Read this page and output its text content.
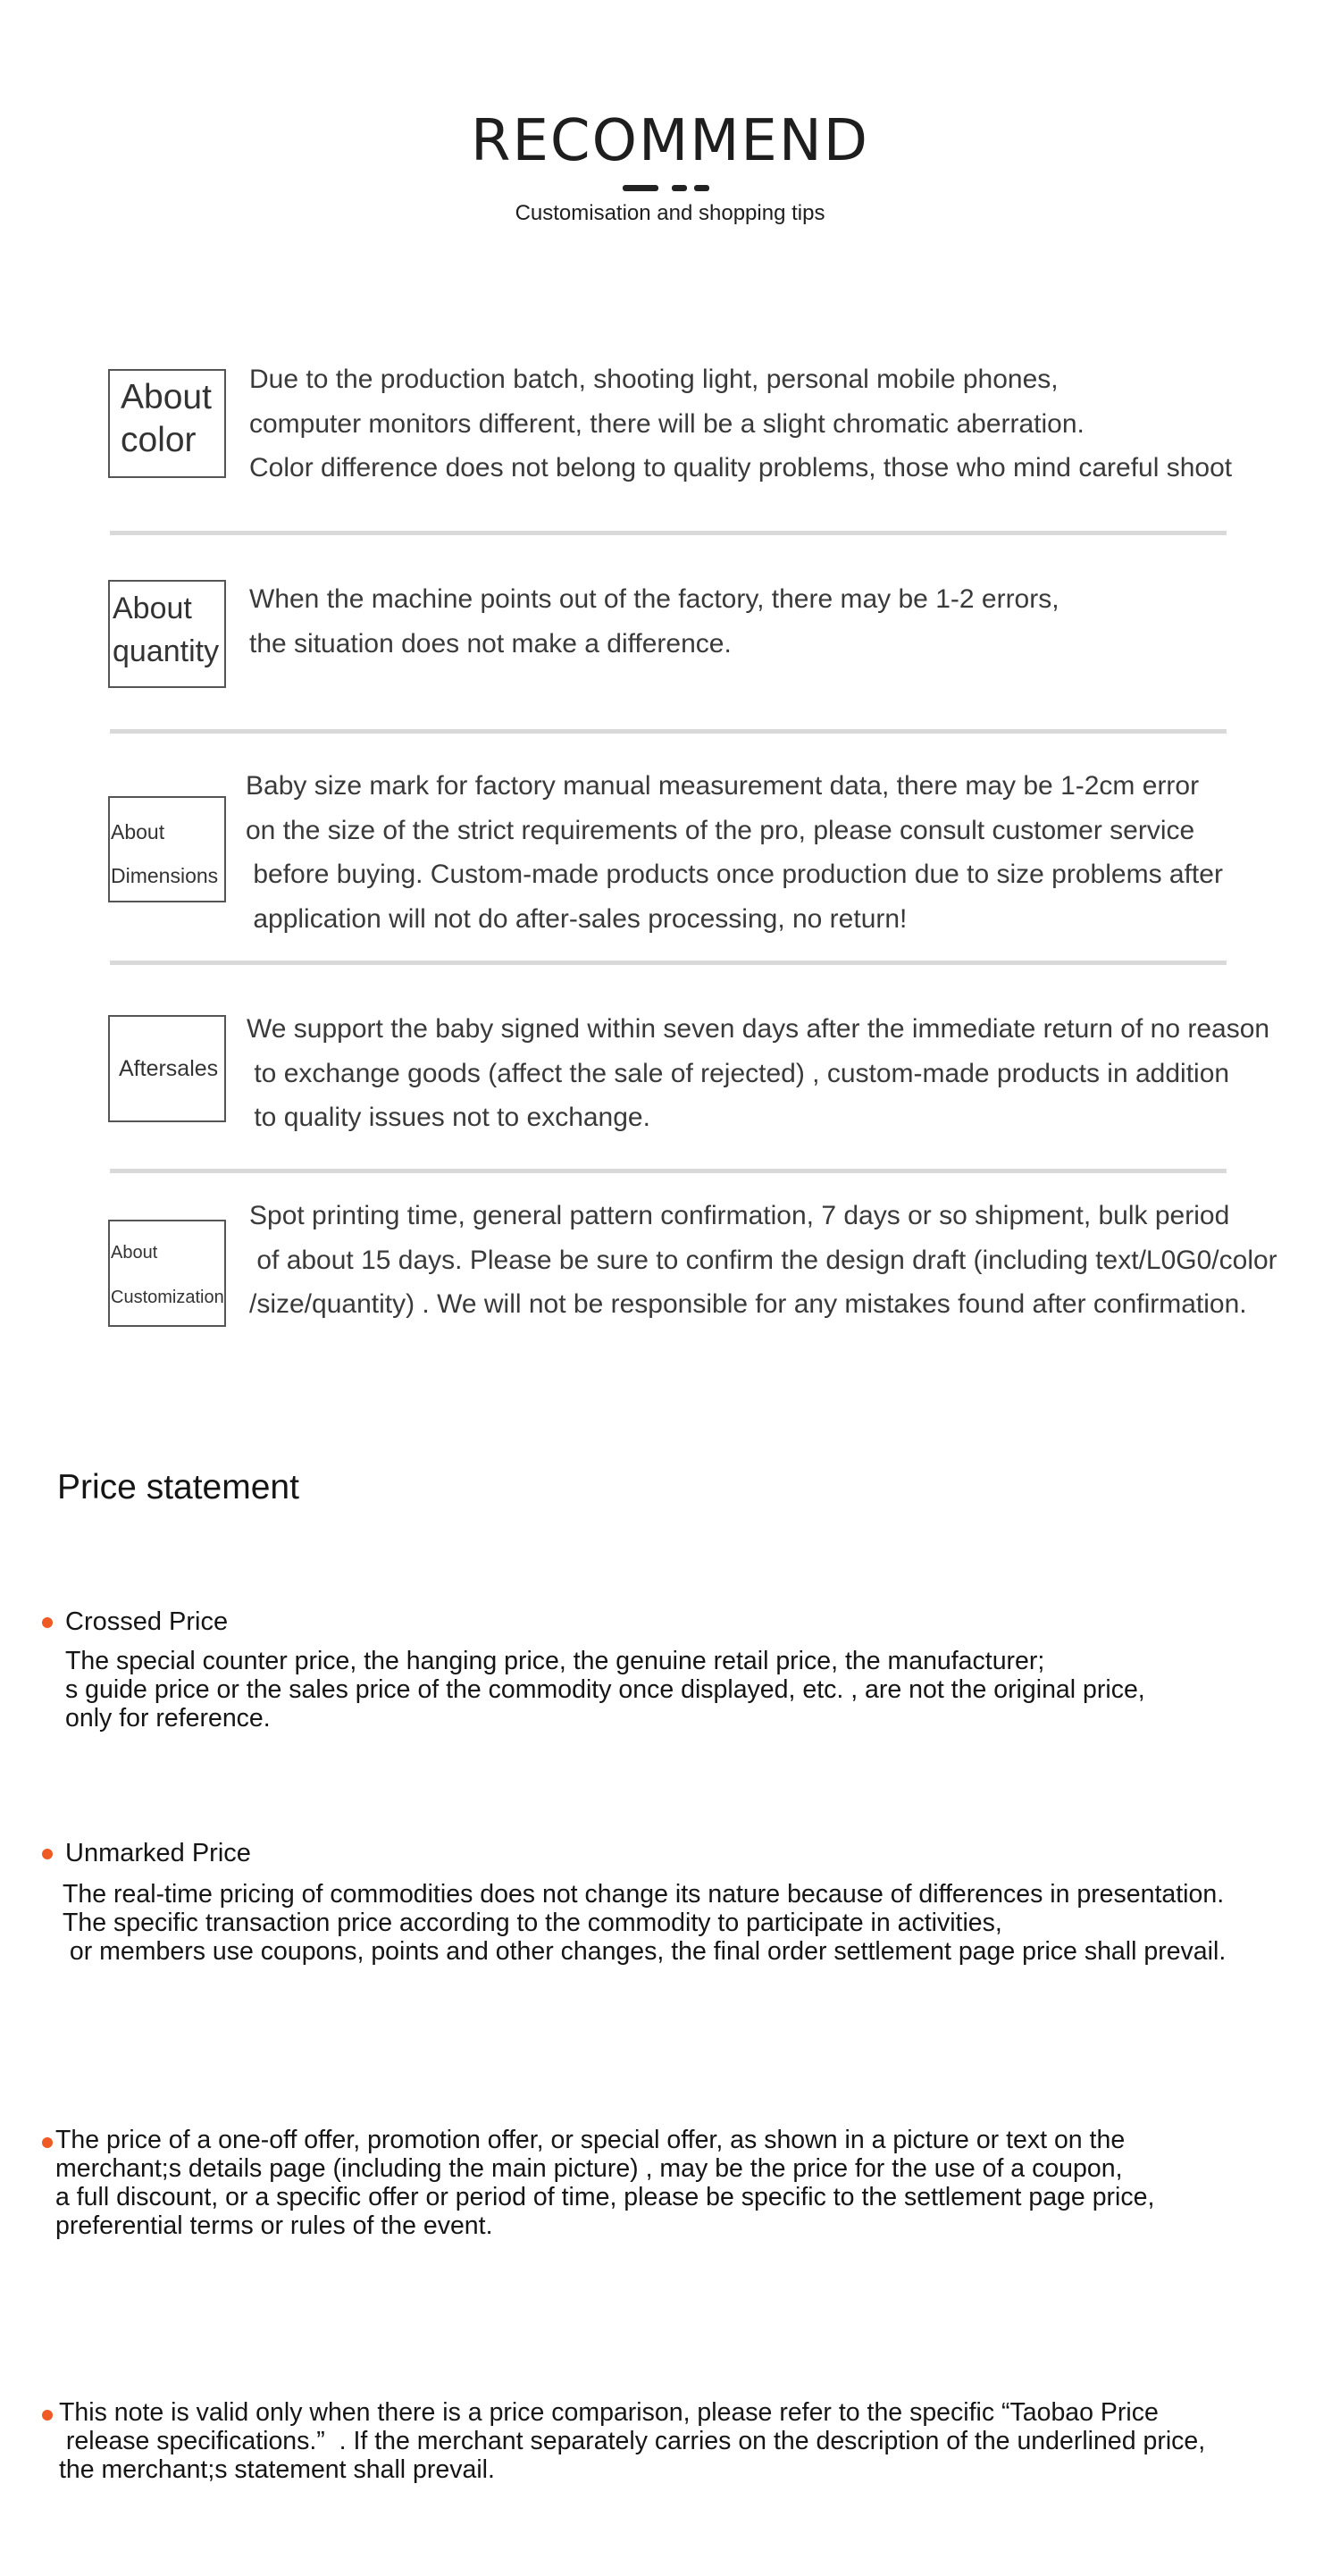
RECOMMEND
Customisation and shopping tips
About
color
Due to the production batch, shooting light, personal mobile phones,
computer monitors different, there will be a slight chromatic aberration.
Color difference does not belong to quality problems, those who mind careful shoot
About
quantity
When the machine points out of the factory, there may be 1-2 errors,
the situation does not make a difference.
About
Dimensions
Baby size mark for factory manual measurement data, there may be 1-2cm error
on the size of the strict requirements of the pro, please consult customer service
before buying. Custom-made products once production due to size problems after
application will not do after-sales processing, no return!
Aftersales
We support the baby signed within seven days after the immediate return of no reason
to exchange goods (affect the sale of rejected) , custom-made products in addition
to quality issues not to exchange.
About
Customization
Spot printing time, general pattern confirmation, 7 days or so shipment, bulk period
of about 15 days. Please be sure to confirm the design draft (including text/L0G0/color
/size/quantity) . We will not be responsible for any mistakes found after confirmation.
Price statement
Crossed Price
The special counter price, the hanging price, the genuine retail price, the manufacturer;
s guide price or the sales price of the commodity once displayed, etc. , are not the original price,
only for reference.
Unmarked Price
The real-time pricing of commodities does not change its nature because of differences in presentation.
The specific transaction price according to the commodity to participate in activities,
or members use coupons, points and other changes, the final order settlement page price shall prevail.
The price of a one-off offer, promotion offer, or special offer, as shown in a picture or text on the
merchant;s details page (including the main picture) , may be the price for the use of a coupon,
a full discount, or a specific offer or period of time, please be specific to the settlement page price,
preferential terms or rules of the event.
This note is valid only when there is a price comparison, please refer to the specific “Taobao Price
release specifications.”  . If the merchant separately carries on the description of the underlined price,
the merchant;s statement shall prevail.
